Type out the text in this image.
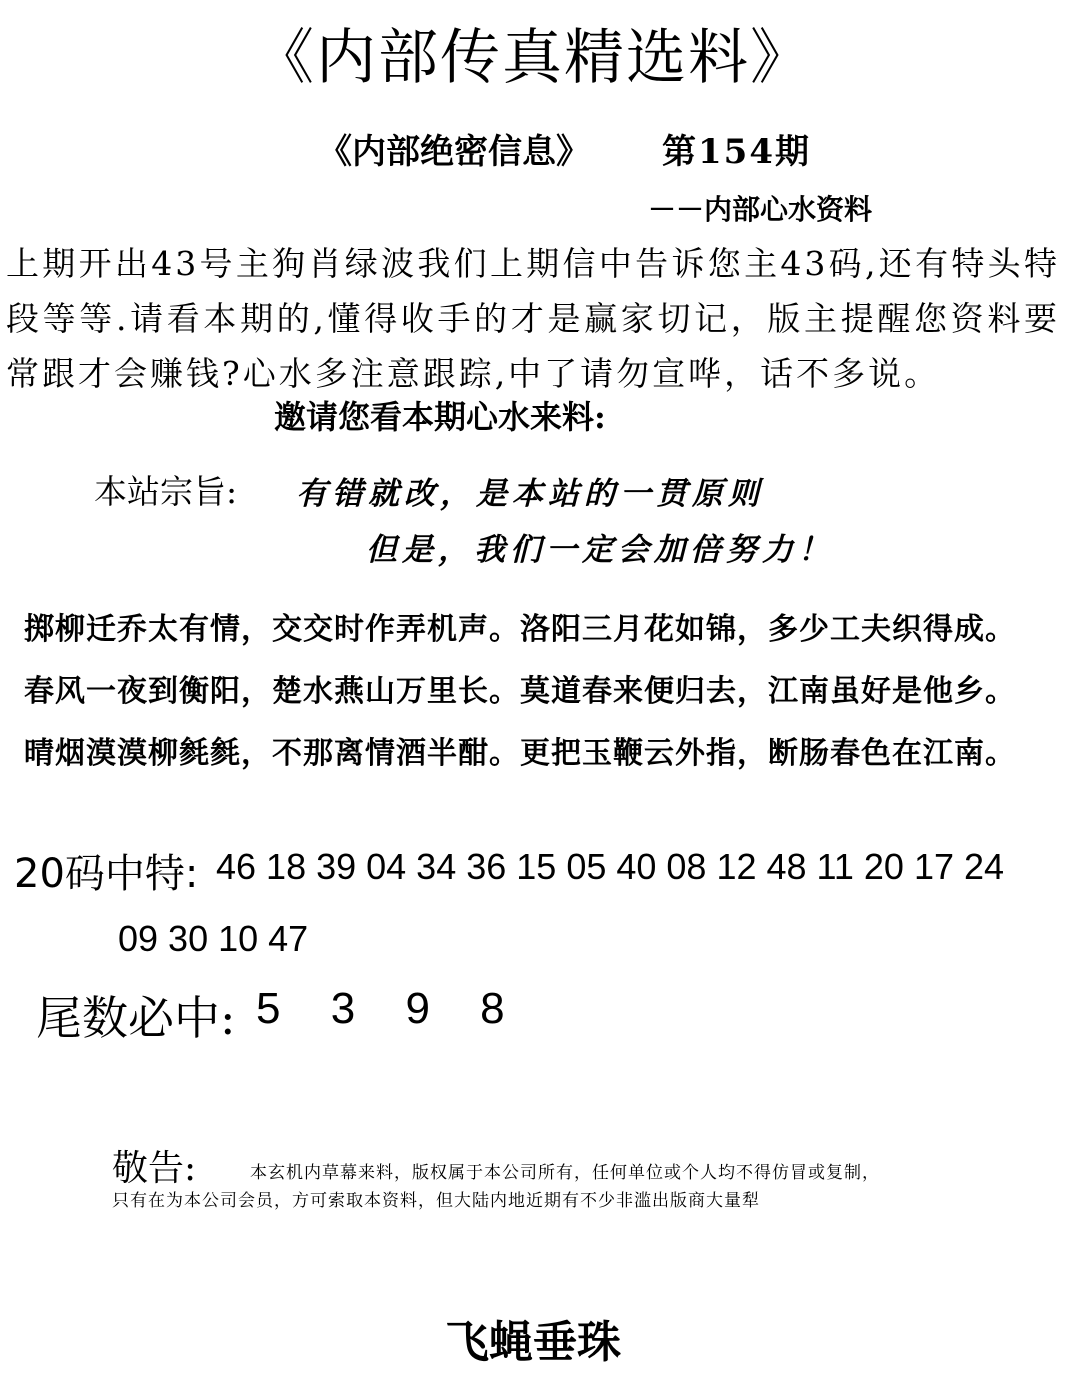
《内部传真精选料》
《内部绝密信息》 第154期
－－内部心水资料
上期开出43号主狗肖绿波我们上期信中告诉您主43码,还有特头特段等等.请看本期的,懂得收手的才是赢家切记，版主提醒您资料要常跟才会赚钱?心水多注意跟踪,中了请勿宣哗，话不多说。
邀请您看本期心水来料:
本站宗旨: 有错就改，是本站的一贯原则
但是，我们一定会加倍努力！
掷柳迁乔太有情，交交时作弄机声。洛阳三月花如锦，多少工夫织得成。
春风一夜到衡阳，楚水燕山万里长。莫道春来便归去，江南虽好是他乡。
晴烟漠漠柳毵毵，不那离情酒半酣。更把玉鞭云外指，断肠春色在江南。
20码中特: 46 18 39 04 34 36 15 05 40 08 12 48 11 20 17 24
09 30 10 47
尾数必中: 5 3 9 8
敬告:	本玄机内草幕来料，版权属于本公司所有，任何单位或个人均不得仿冒或复制，
只有在为本公司会员，方可索取本资料，但大陆内地近期有不少非滥出版商大量犁
飞蝇垂珠
